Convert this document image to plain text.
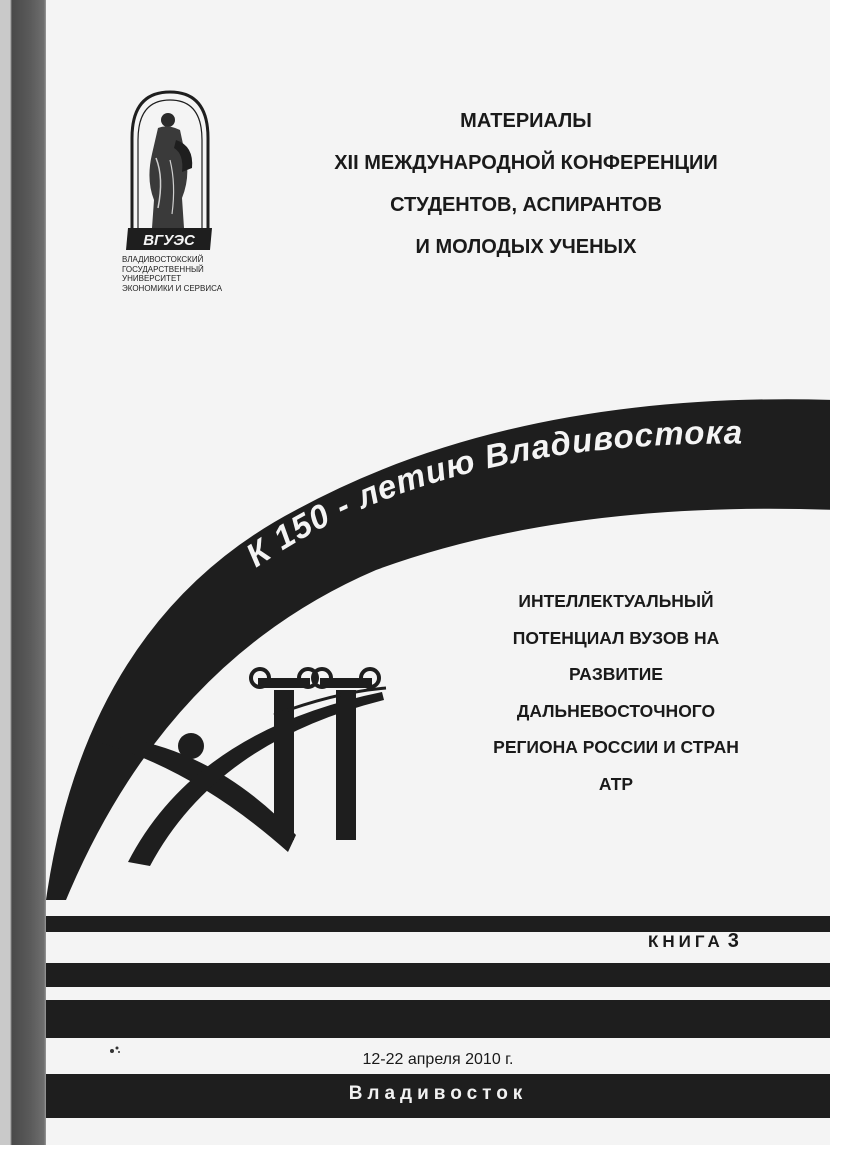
ВГУЭС
ВЛАДИВОСТОКСКИЙ
ГОСУДАРСТВЕННЫЙ
УНИВЕРСИТЕТ
ЭКОНОМИКИ И СЕРВИСА
МАТЕРИАЛЫ
XII МЕЖДУНАРОДНОЙ КОНФЕРЕНЦИИ
СТУДЕНТОВ, АСПИРАНТОВ
И МОЛОДЫХ УЧЕНЫХ
К 150 - летию Владивостока
ИНТЕЛЛЕКТУАЛЬНЫЙ
ПОТЕНЦИАЛ ВУЗОВ НА
РАЗВИТИЕ
ДАЛЬНЕВОСТОЧНОГО
РЕГИОНА РОССИИ И СТРАН
АТР
КНИГА 3
12-22 апреля 2010 г.
Владивосток
